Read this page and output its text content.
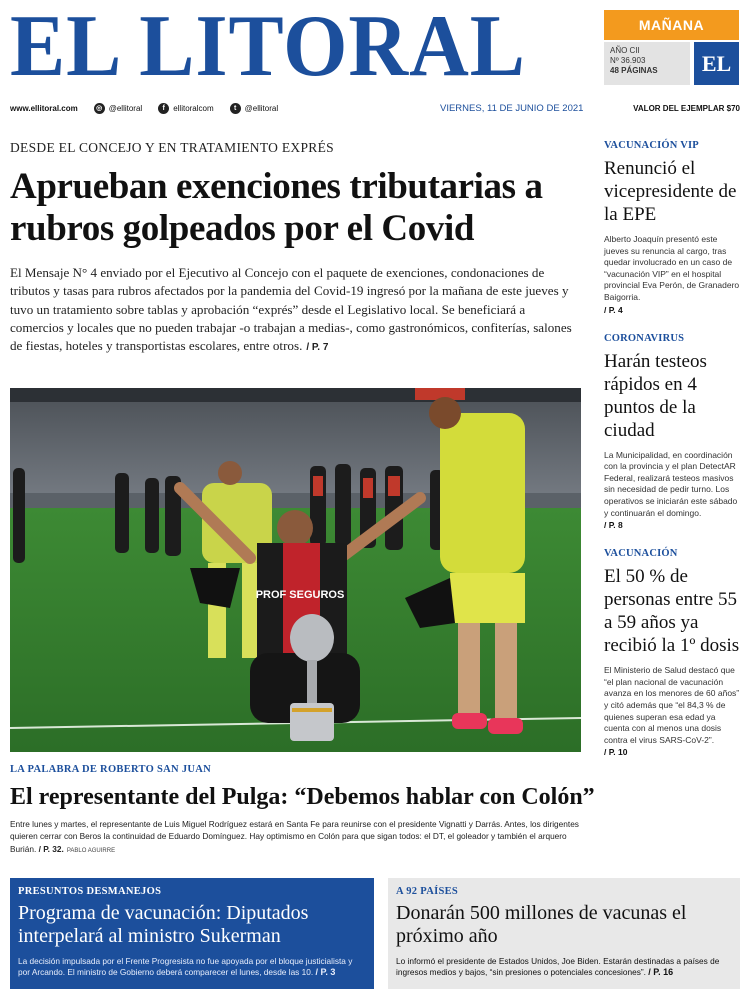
EL LITORAL	MAÑANA
AÑO CII
Nº 36.903
48 PÁGINAS	EL
www.ellitoral.com	◎ @ellitoral	f	ellitoralcom	t	@ellitoral	VIERNES, 11 DE JUNIO DE 2021	VALOR DEL EJEMPLAR $70
DESDE EL CONCEJO Y EN TRATAMIENTO EXPRÉS
Aprueban exenciones tributarias a rubros golpeados por el Covid

El Mensaje N° 4 enviado por el Ejecutivo al Concejo con el paquete de exenciones, condonaciones de tributos y tasas para rubros afectados por la pandemia del Covid-19 ingresó por la mañana de este jueves y tuvo un tratamiento sobre tablas y aprobación “exprés” desde el Legislativo local. Se beneficiará a comercios y locales que no pueden trabajar -o trabajan a medias-, como gastronómicos, confiterías, salones de fiestas, hoteles y transportistas escolares, entre otros. / P. 7

PROF SEGUROS
LA PALABRA DE ROBERTO SAN JUAN
El representante del Pulga: “Debemos hablar con Colón”

Entre lunes y martes, el representante de Luis Miguel Rodríguez estará en Santa Fe para reunirse con el presidente Vignatti y Darrás. Antes, los dirigentes quieren cerrar con Beros la continuidad de Eduardo Domínguez. Hay optimismo en Colón para que sigan todos: el DT, el goleador y también el arquero Burián. / P. 32. PABLO AGUIRRE

VACUNACIÓN VIP
Renunció el vicepresidente de la EPE
Alberto Joaquín presentó este jueves su renuncia al cargo, tras quedar involucrado en un caso de “vacunación VIP” en el hospital provincial Eva Perón, de Granadero Baigorria.
/ P. 4
CORONAVIRUS
Harán testeos rápidos en 4 puntos de la ciudad
La Municipalidad, en coordinación con la provincia y el plan DetectAR Federal, realizará testeos masivos sin necesidad de pedir turno. Los operativos se iniciarán este sábado y continuarán el domingo.
/ P. 8
VACUNACIÓN
El 50 % de personas entre 55 a 59 años ya recibió la 1º dosis
El Ministerio de Salud destacó que “el plan nacional de vacunación avanza en los menores de 60 años” y citó además que “el 84,3 % de quienes superan esa edad ya cuenta con al menos una dosis contra el virus SARS-CoV-2”.
/ P. 10
PRESUNTOS DESMANEJOS
Programa de vacunación: Diputados interpelará al ministro Sukerman
La decisión impulsada por el Frente Progresista no fue apoyada por el bloque justicialista y por Arcando. El ministro de Gobierno deberá comparecer el lunes, desde las 10. / P. 3
A 92 PAÍSES
Donarán 500 millones de vacunas el próximo año
Lo informó el presidente de Estados Unidos, Joe Biden. Estarán destinadas a países de ingresos medios y bajos, “sin presiones o potenciales concesiones”. / P. 16
